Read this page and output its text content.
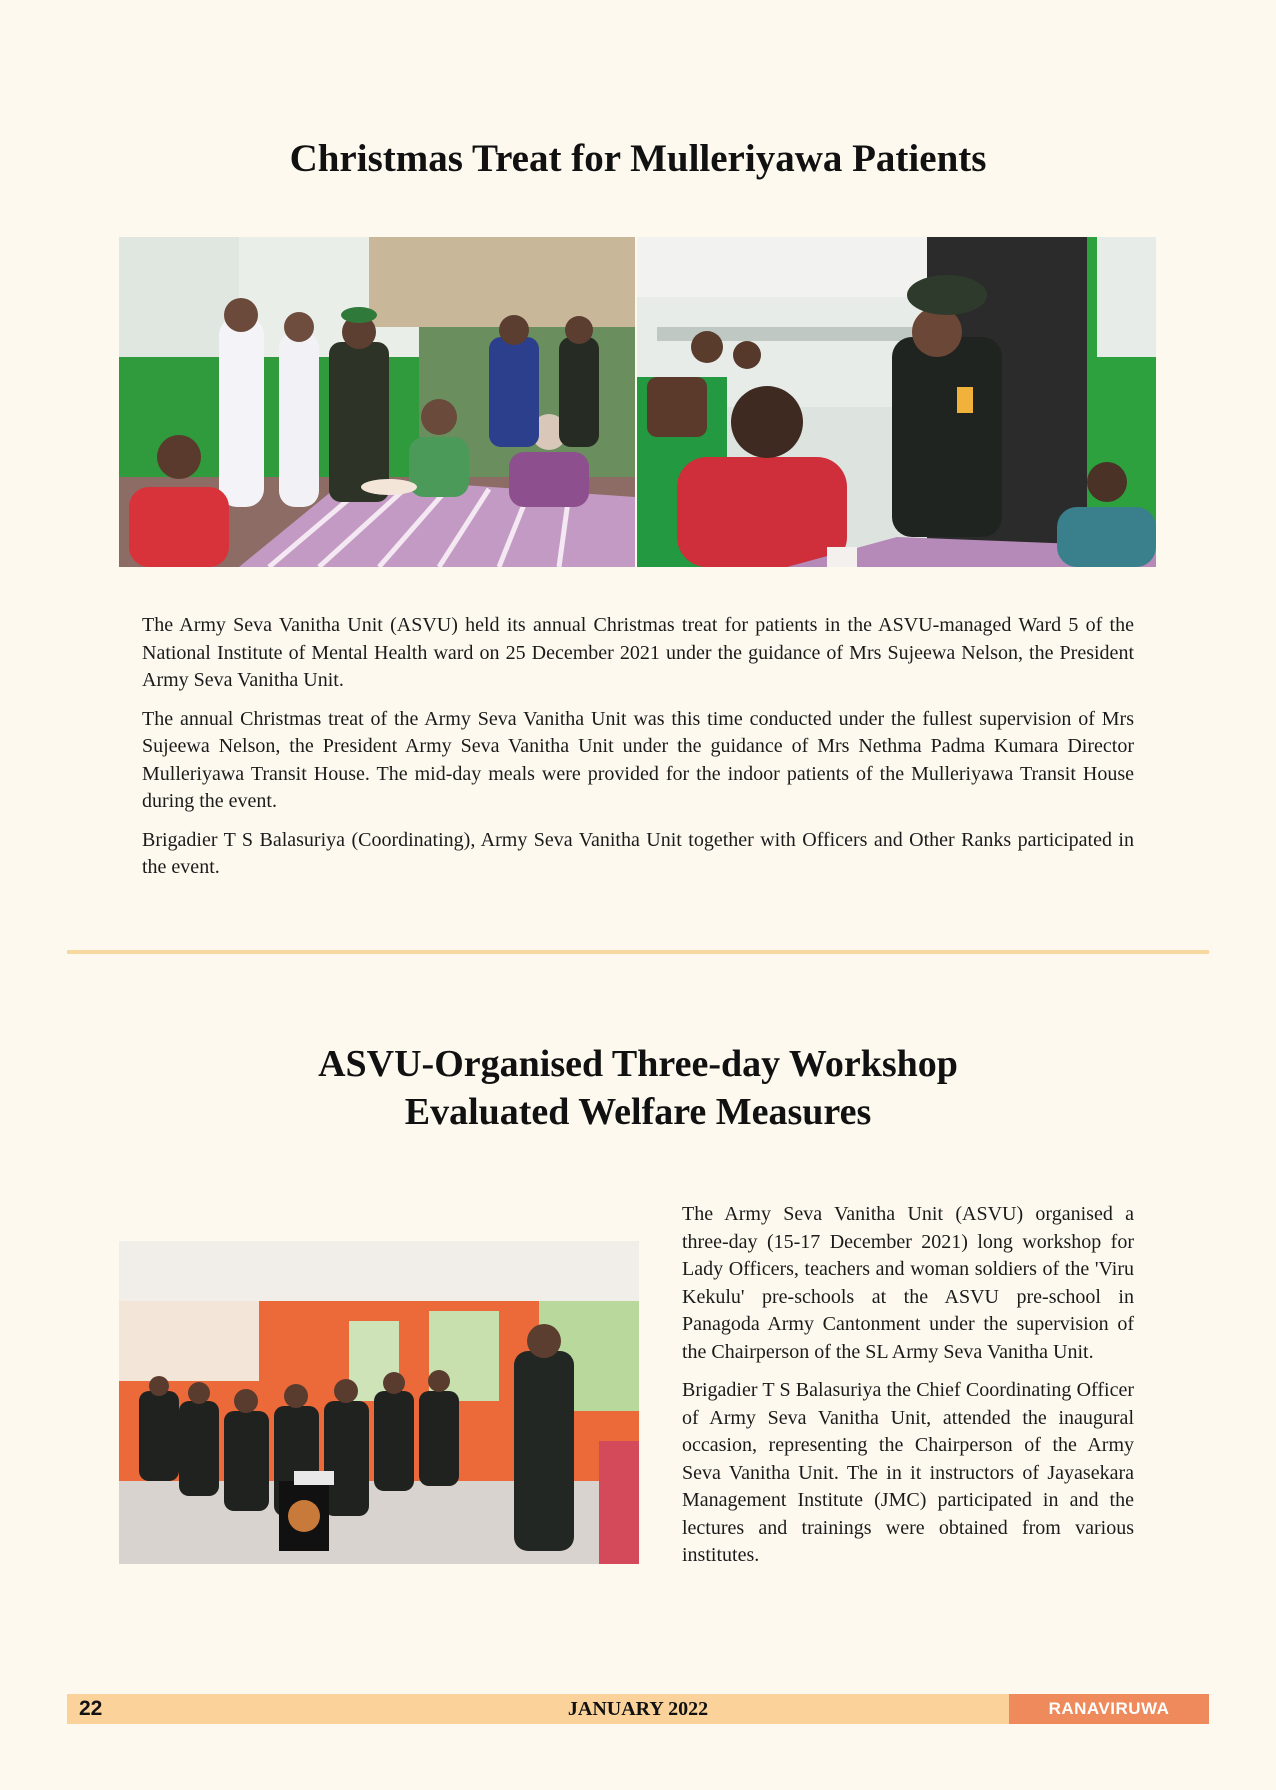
Christmas Treat for Mulleriyawa Patients

The Army Seva Vanitha Unit (ASVU) held its annual Christmas treat for patients in the ASVU-managed Ward 5 of the National Institute of Mental Health ward on 25 December 2021 under the guidance of Mrs Sujeewa Nelson, the President Army Seva Vanitha Unit.

The annual Christmas treat of the Army Seva Vanitha Unit was this time conducted under the fullest supervision of Mrs Sujeewa Nelson, the President Army Seva Vanitha Unit under the guidance of Mrs Nethma Padma Kumara Director Mulleriyawa Transit House. The mid-day meals were provided for the indoor patients of the Mulleriyawa Transit House during the event.

Brigadier T S Balasuriya (Coordinating), Army Seva Vanitha Unit together with Officers and Other Ranks participated in the event.

ASVU-Organised Three-day Workshop
Evaluated Welfare Measures

The Army Seva Vanitha Unit (ASVU) organised a three-day (15-17 December 2021) long workshop for Lady Officers, teachers and woman soldiers of the 'Viru Kekulu' pre-schools at the ASVU pre-school in Panagoda Army Cantonment under the supervision of the Chairperson of the SL Army Seva Vanitha Unit.

Brigadier T S Balasuriya the Chief Coordinating Officer of Army Seva Vanitha Unit, attended the inaugural occasion, representing the Chairperson of the Army Seva Vanitha Unit. The in it instructors of Jayasekara Management Institute (JMC) participated in and the lectures and trainings were obtained from various institutes.

22	JANUARY 2022	RANAVIRUWA
